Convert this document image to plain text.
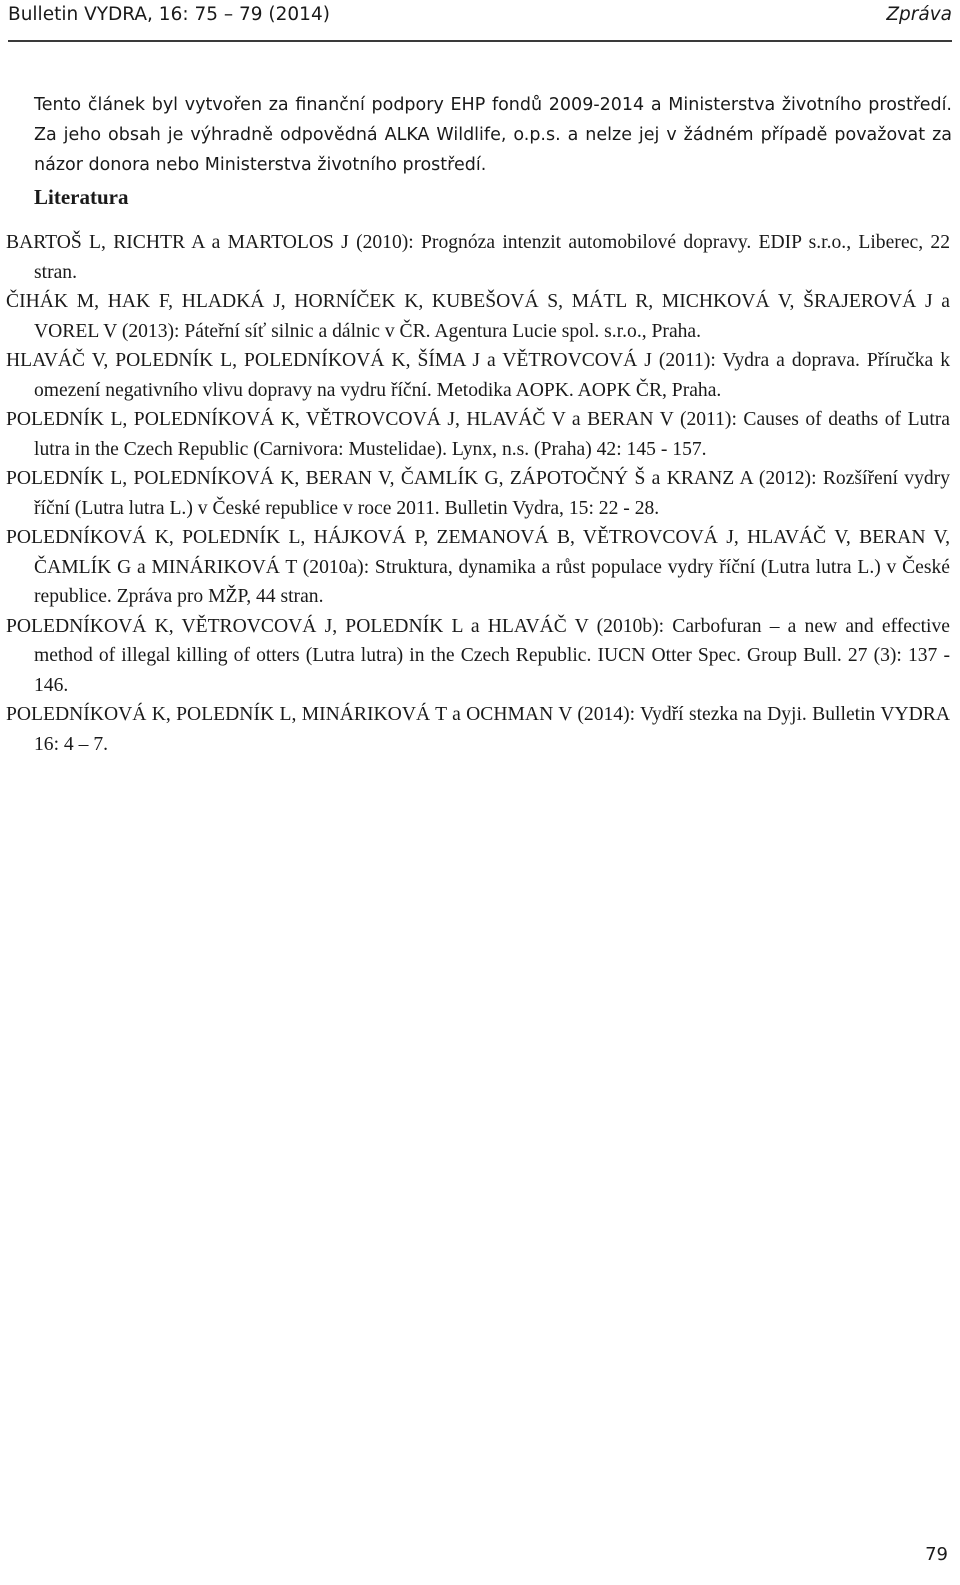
Bulletin VYDRA, 16: 75 – 79 (2014)	Zpráva

Tento článek byl vytvořen za finanční podpory EHP fondů 2009-2014 a Ministerstva životního prostředí. Za jeho obsah je výhradně odpovědná ALKA Wildlife, o.p.s. a nelze jej v žádném případě považovat za názor donora nebo Ministerstva životního prostředí.

Literatura

BARTOŠ L, RICHTR A a MARTOLOS J (2010): Prognóza intenzit automobilové dopravy. EDIP s.r.o., Liberec, 22 stran.

ČIHÁK M, HAK F, HLADKÁ J, HORNÍČEK K, KUBEŠOVÁ S, MÁTL R, MICHKOVÁ V, ŠRAJEROVÁ J a VOREL V (2013): Páteřní síť silnic a dálnic v ČR. Agentura Lucie spol. s.r.o., Praha.

HLAVÁČ V, POLEDNÍK L, POLEDNÍKOVÁ K, ŠÍMA J a VĚTROVCOVÁ J (2011): Vydra a doprava. Příručka k omezení negativního vlivu dopravy na vydru říční. Metodika AOPK. AOPK ČR, Praha.

POLEDNÍK L, POLEDNÍKOVÁ K, VĚTROVCOVÁ J, HLAVÁČ V a BERAN V (2011): Causes of deaths of Lutra lutra in the Czech Republic (Carnivora: Mustelidae). Lynx, n.s. (Praha) 42: 145 - 157.

POLEDNÍK L, POLEDNÍKOVÁ K, BERAN V, ČAMLÍK G, ZÁPOTOČNÝ Š a KRANZ A (2012): Rozšíření vydry říční (Lutra lutra L.) v České republice v roce 2011. Bulletin Vydra, 15: 22 - 28.

POLEDNÍKOVÁ K, POLEDNÍK L, HÁJKOVÁ P, ZEMANOVÁ B, VĚTROVCOVÁ J, HLAVÁČ V, BERAN V, ČAMLÍK G a MINÁRIKOVÁ T (2010a): Struktura, dynamika a růst populace vydry říční (Lutra lutra L.) v České republice. Zpráva pro MŽP, 44 stran.

POLEDNÍKOVÁ K, VĚTROVCOVÁ J, POLEDNÍK L a HLAVÁČ V (2010b): Carbofuran – a new and effective method of illegal killing of otters (Lutra lutra) in the Czech Republic. IUCN Otter Spec. Group Bull. 27 (3): 137 - 146.

POLEDNÍKOVÁ K, POLEDNÍK L, MINÁRIKOVÁ T a OCHMAN V (2014): Vydří stezka na Dyji. Bulletin VYDRA 16: 4 – 7.

79
